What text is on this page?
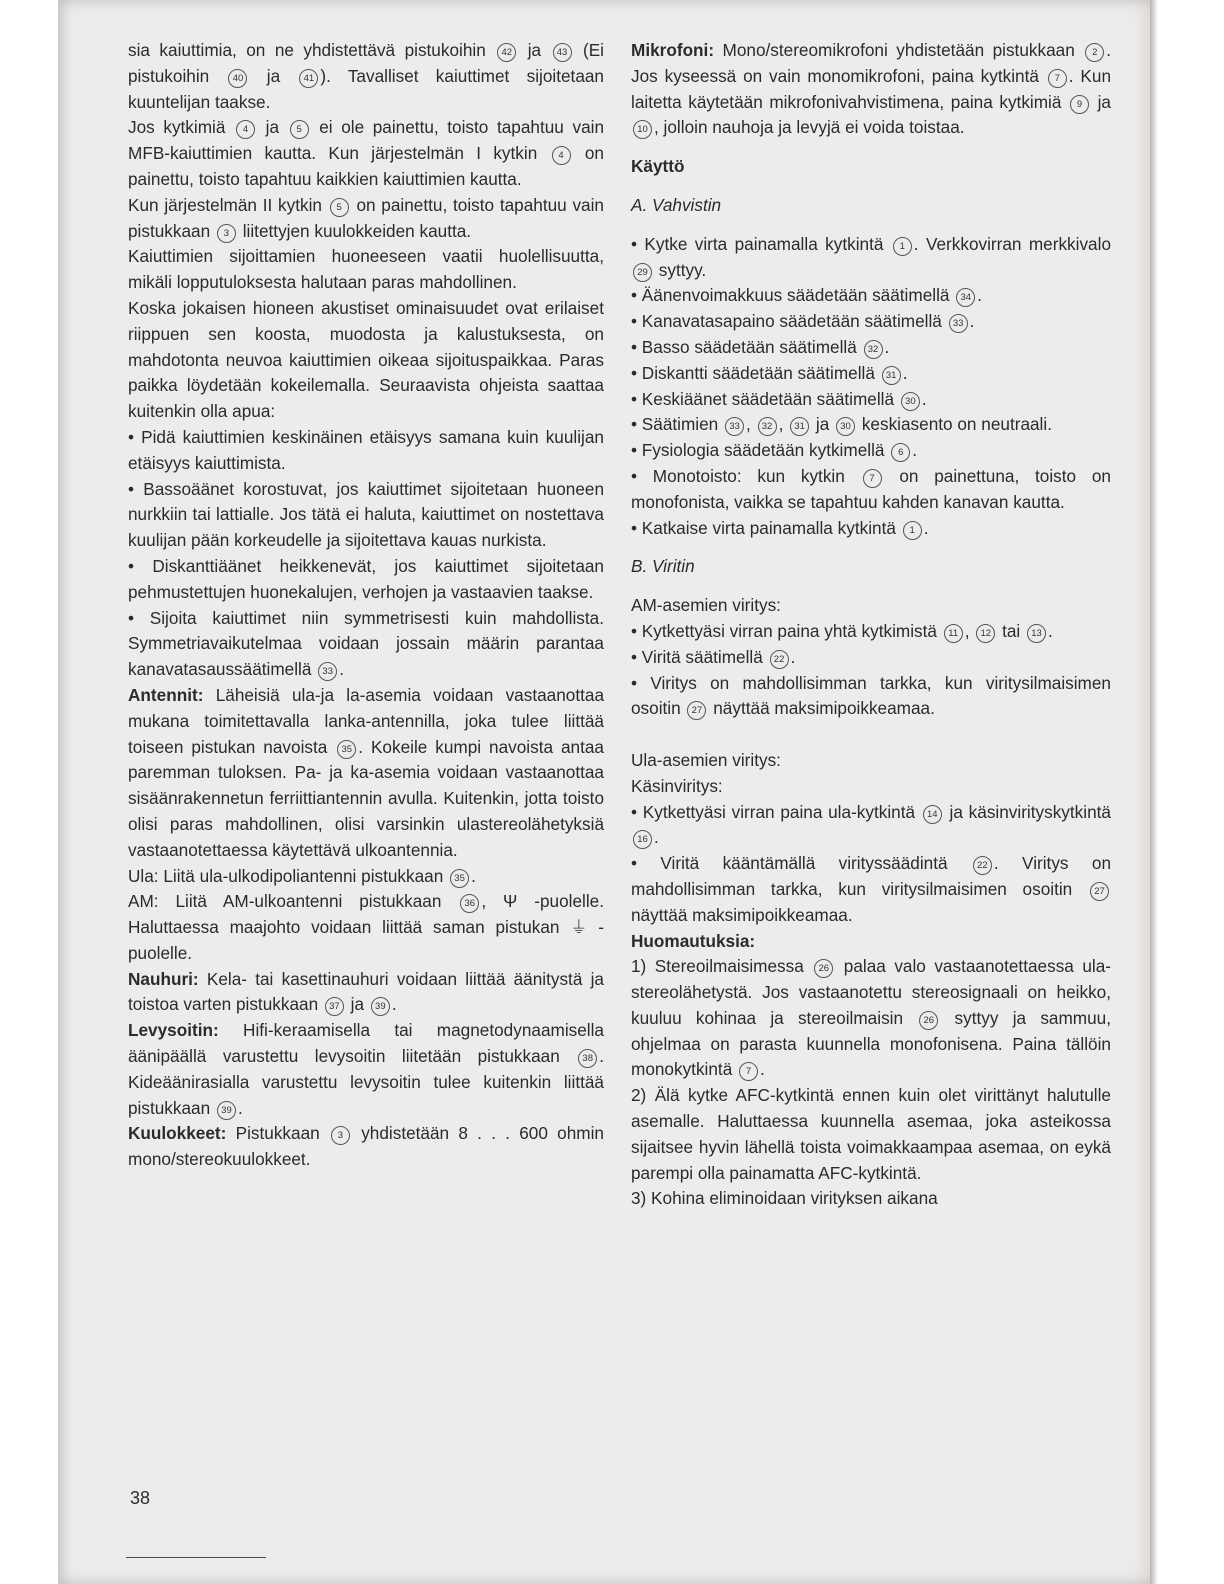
sia kaiuttimia, on ne yhdistettävä pistukoihin 42 ja 43 (Ei pistukoihin 40 ja 41 ). Tavalliset kaiuttimet sijoitetaan kuuntelijan taakse.

Jos kytkimiä 4 ja 5 ei ole painettu, toisto tapahtuu vain MFB-kaiuttimien kautta. Kun järjestelmän I kytkin 4 on painettu, toisto tapahtuu kaikkien kaiuttimien kautta.

Kun järjestelmän II kytkin 5 on painettu, toisto tapahtuu vain pistukkaan 3 liitettyjen kuulokkeiden kautta.

Kaiuttimien sijoittamien huoneeseen vaatii huolellisuutta, mikäli lopputuloksesta halutaan paras mahdollinen.

Koska jokaisen hioneen akustiset ominaisuudet ovat erilaiset riippuen sen koosta, muodosta ja kalustuksesta, on mahdotonta neuvoa kaiuttimien oikeaa sijoituspaikkaa. Paras paikka löydetään kokeilemalla. Seuraavista ohjeista saattaa kuitenkin olla apua:

• Pidä kaiuttimien keskinäinen etäisyys samana kuin kuulijan etäisyys kaiuttimista.

• Bassoäänet korostuvat, jos kaiuttimet sijoitetaan huoneen nurkkiin tai lattialle. Jos tätä ei haluta, kaiuttimet on nostettava kuulijan pään korkeudelle ja sijoitettava kauas nurkista.

• Diskanttiäänet heikkenevät, jos kaiuttimet sijoitetaan pehmustettujen huonekalujen, verhojen ja vastaavien taakse.

• Sijoita kaiuttimet niin symmetrisesti kuin mahdollista. Symmetriavaikutelmaa voidaan jossain määrin parantaa kanavatasaussäätimellä 33 .

Antennit: Läheisiä ula-ja la-asemia voidaan vastaanottaa mukana toimitettavalla lanka-antennilla, joka tulee liittää toiseen pistukan navoista 35 . Kokeile kumpi navoista antaa paremman tuloksen. Pa- ja ka-asemia voidaan vastaanottaa sisäänrakennetun ferriittiantennin avulla. Kuitenkin, jotta toisto olisi paras mahdollinen, olisi varsinkin ulastereolähetyksiä vastaanotettaessa käytettävä ulkoantennia.

Ula: Liitä ula-ulkodipoliantenni pistukkaan 35 .

AM: Liitä AM-ulkoantenni pistukkaan 36 , Ψ -puolelle. Haluttaessa maajohto voidaan liittää saman pistukan ⏚ -puolelle.

Nauhuri: Kela- tai kasettinauhuri voidaan liittää äänitystä ja toistoa varten pistukkaan 37 ja 39 .

Levysoitin: Hifi-keraamisella tai magnetodynaamisella äänipäällä varustettu levysoitin liitetään pistukkaan 38 . Kideäänirasialla varustettu levysoitin tulee kuitenkin liittää pistukkaan 39 .

Kuulokkeet: Pistukkaan 3 yhdistetään 8 . . . 600 ohmin mono/stereokuulokkeet.

Mikrofoni: Mono/stereomikrofoni yhdistetään pistukkaan 2 . Jos kyseessä on vain monomikrofoni, paina kytkintä 7 . Kun laitetta käytetään mikrofonivahvistimena, paina kytkimiä 9 ja 10 , jolloin nauhoja ja levyjä ei voida toistaa.

Käyttö

A. Vahvistin

• Kytke virta painamalla kytkintä 1 . Verkkovirran merkkivalo 29 syttyy.

• Äänenvoimakkuus säädetään säätimellä 34 .

• Kanavatasapaino säädetään säätimellä 33 .

• Basso säädetään säätimellä 32 .

• Diskantti säädetään säätimellä 31 .

• Keskiäänet säädetään säätimellä 30 .

• Säätimien 33 , 32 , 31 ja 30 keskiasento on neutraali.

• Fysiologia säädetään kytkimellä 6 .

• Monotoisto: kun kytkin 7 on painettuna, toisto on monofonista, vaikka se tapahtuu kahden kanavan kautta.

• Katkaise virta painamalla kytkintä 1 .

B. Viritin

AM-asemien viritys:

• Kytkettyäsi virran paina yhtä kytkimistä 11 , 12 tai 13 .

• Viritä säätimellä 22 .

• Viritys on mahdollisimman tarkka, kun viritysilmaisimen osoitin 27 näyttää maksimipoikkeamaa.

Ula-asemien viritys:

Käsinviritys:

• Kytkettyäsi virran paina ula-kytkintä 14 ja käsinvirityskytkintä 16 .

• Viritä kääntämällä virityssäädintä 22 . Viritys on mahdollisimman tarkka, kun viritysilmaisimen osoitin 27 näyttää maksimipoikkeamaa.

Huomautuksia:

1) Stereoilmaisimessa 26 palaa valo vastaanotettaessa ula-stereolähetystä. Jos vastaanotettu stereosignaali on heikko, kuuluu kohinaa ja stereoilmaisin 26 syttyy ja sammuu, ohjelmaa on parasta kuunnella monofonisena. Paina tällöin monokytkintä 7 .

2) Älä kytke AFC-kytkintä ennen kuin olet virittänyt halutulle asemalle. Haluttaessa kuunnella asemaa, joka asteikossa sijaitsee hyvin lähellä toista voimakkaampaa asemaa, on eykä parempi olla painamatta AFC-kytkintä.

3) Kohina eliminoidaan virityksen aikana

38
